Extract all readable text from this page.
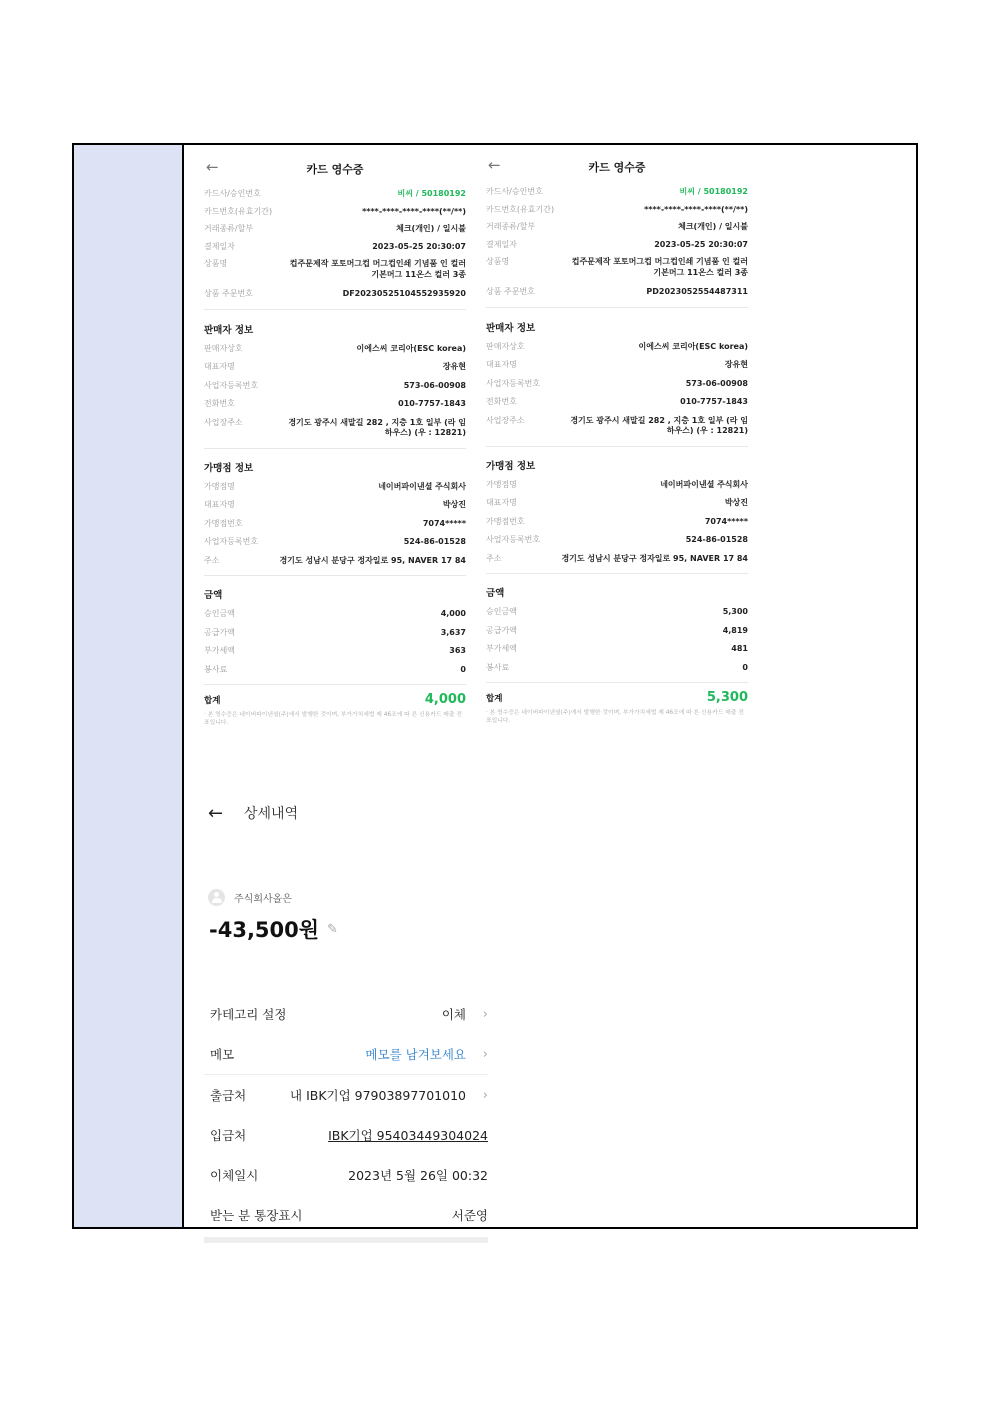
←	카드 영수증
카드사/승인번호	비씨 / 50180192
카드번호(유효기간)	****-****-****-****(**/**)
거래종류/할부	체크(개인) / 일시불
결제일자	2023-05-25 20:30:07
상품명	컵주문제작 포토머그컵 머그컵인쇄 기념품 인 컬러기본머그 11온스 컬러 3종
상품 주문번호	DF2023052510455293592​0
판매자 정보
판매자상호	이에스씨 코리아(ESC korea)
대표자명	장유현
사업자등록번호	573-06-00908
전화번호	010-7757-1843
사업장주소	경기도 광주시 새말길 282 , 지층 1호 일부 (라 임하우스) (우 : 12821)
가맹점 정보
가맹점명	네이버파이낸셜 주식회사
대표자명	박상진
가맹점번호	7074*****
사업자등록번호	524-86-01528
주소	경기도 성남시 분당구 정자일로 95, NAVER 17 84
금액
승인금액	4,000
공급가액	3,637
부가세액	363
봉사료	0
합계	4,000
· 본 영수증은 네이버파이낸셜(주)에서 발행한 것이며, 부가가치세법 제 46조에 따 른 신용카드 매출 전표입니다.
←	카드 영수증
카드사/승인번호	비씨 / 50180192
카드번호(유효기간)	****-****-****-****(**/**)
거래종류/할부	체크(개인) / 일시불
결제일자	2023-05-25 20:30:07
상품명	컵주문제작 포토머그컵 머그컵인쇄 기념품 인 컬러기본머그 11온스 컬러 3종
상품 주문번호	PD2023052554487311
판매자 정보
판매자상호	이에스씨 코리아(ESC korea)
대표자명	장유현
사업자등록번호	573-06-00908
전화번호	010-7757-1843
사업장주소	경기도 광주시 새말길 282 , 지층 1호 일부 (라 임하우스) (우 : 12821)
가맹점 정보
가맹점명	네이버파이낸셜 주식회사
대표자명	박상진
가맹점번호	7074*****
사업자등록번호	524-86-01528
주소	경기도 성남시 분당구 정자일로 95, NAVER 17 84
금액
승인금액	5,300
공급가액	4,819
부가세액	481
봉사료	0
합계	5,300
· 본 영수증은 네이버파이낸셜(주)에서 발행한 것이며, 부가가치세법 제 46조에 따 른 신용카드 매출 전표입니다.
←	상세내역
주식회사올은
-43,500원 ✎
카테고리 설정	이체	›
메모	메모를 남겨보세요	›
출금처	내 IBK기업 97903897701010	›
입금처	IBK기업 95403449304024
이체일시	2023년 5월 26일 00:32
받는 분 통장표시	서준영
